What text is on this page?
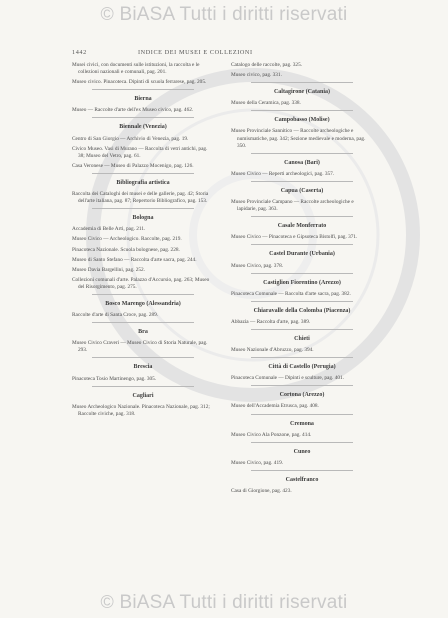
© BiASA Tutti i diritti riservati
1442	INDICE DEI MUSEI E COLLEZIONI

Musei civici, con documenti sulle istituzioni, la raccolta e le collezioni nazionali e comunali, pag. 201.

Museo civico. Pinacoteca. Dipinti di scuola ferrarese, pag. 205.

Bierna

Museo — Raccolte d'arte dell'ex Museo civico, pag. 462.

Biennale (Venezia)

Centro di San Giorgio — Archivio di Venezia, pag. 19.

Civico Museo. Vasi di Murano — Raccolta di vetri antichi, pag. 38; Museo del Vetro, pag. 61.

Casa Veronese — Museo di Palazzo Mocenigo, pag. 126.

Bibliografia artistica

Raccolta dei Cataloghi dei musei e delle gallerie, pag. 42; Storia dell'arte italiana, pag. 87; Repertorio Bibliografico, pag. 153.

Bologna

Accademia di Belle Arti, pag. 211.

Museo Civico — Archeologico. Raccolte, pag. 219.

Pinacoteca Nazionale. Scuola bolognese, pag. 228.

Museo di Santo Stefano — Raccolta d'arte sacra, pag. 244.

Museo Davia Bargellini, pag. 252.

Collezioni comunali d'arte. Palazzo d'Accursio, pag. 263; Museo del Risorgimento, pag. 275.

Bosco Marengo (Alessandria)

Raccolte d'arte di Santa Croce, pag. 289.

Bra

Museo Civico Craveri — Museo Civico di Storia Naturale, pag. 293.

Brescia

Pinacoteca Tosio Martinengo, pag. 305.

Cagliari

Museo Archeologico Nazionale. Pinacoteca Nazionale, pag. 312; Raccolte civiche, pag. 318.

Catalogo delle raccolte, pag. 325.

Museo civico, pag. 331.

Caltagirone (Catania)

Museo della Ceramica, pag. 338.

Campobasso (Molise)

Museo Provinciale Sannitico — Raccolte archeologiche e numismatiche, pag. 342; Sezione medievale e moderna, pag. 350.

Canosa (Bari)

Museo Civico — Reperti archeologici, pag. 357.

Capua (Caserta)

Museo Provinciale Campano — Raccolte archeologiche e lapidarie, pag. 363.

Casale Monferrato

Museo Civico — Pinacoteca e Gipsoteca Bistolfi, pag. 371.

Castel Durante (Urbania)

Museo Civico, pag. 378.

Castiglion Fiorentino (Arezzo)

Pinacoteca Comunale — Raccolta d'arte sacra, pag. 382.

Chiaravalle della Colomba (Piacenza)

Abbazia — Raccolta d'arte, pag. 389.

Chieti

Museo Nazionale d'Abruzzo, pag. 394.

Città di Castello (Perugia)

Pinacoteca Comunale — Dipinti e sculture, pag. 401.

Cortona (Arezzo)

Museo dell'Accademia Etrusca, pag. 408.

Cremona

Museo Civico Ala Ponzone, pag. 414.

Cuneo

Museo Civico, pag. 419.

Castelfranco

Casa di Giorgione, pag. 423.

© BiASA Tutti i diritti riservati
